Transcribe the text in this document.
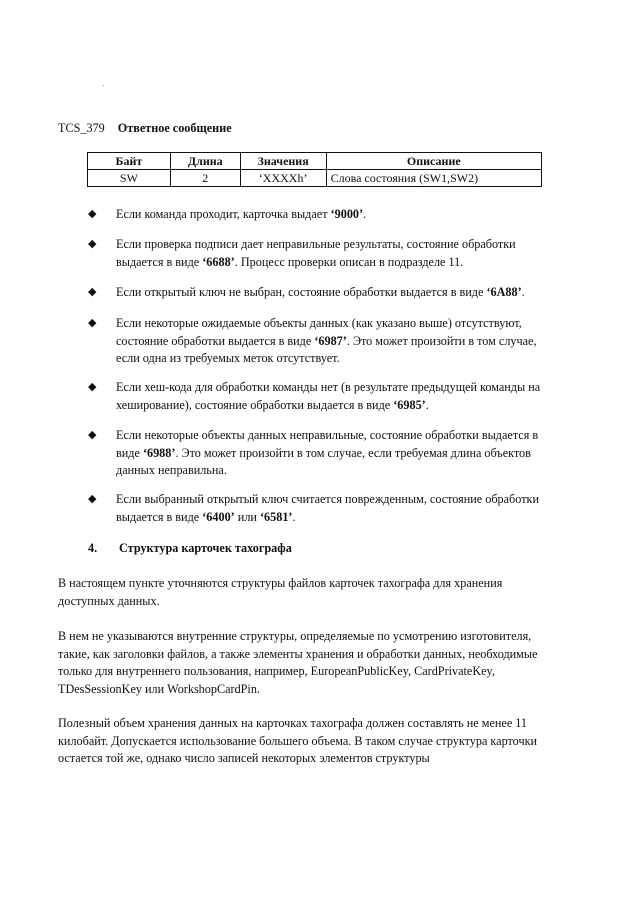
TCS_379 Ответное сообщение
Байт	Длина	Значения	Описание
SW	2	‘XXXXh’	Слова состояния (SW1,SW2)
◆ Если команда проходит, карточка выдает ‘9000’.
◆ Если проверка подписи дает неправильные результаты, состояние обработки выдается в виде ‘6688’. Процесс проверки описан в подразделе 11.
◆ Если открытый ключ не выбран, состояние обработки выдается в виде ‘6A88’.
◆ Если некоторые ожидаемые объекты данных (как указано выше) отсутствуют, состояние обработки выдается в виде ‘6987’. Это может произойти в том случае, если одна из требуемых меток отсутствует.
◆ Если хеш-кода для обработки команды нет (в результате предыдущей команды на хеширование), состояние обработки выдается в виде ‘6985’.
◆ Если некоторые объекты данных неправильные, состояние обработки выдается в виде ‘6988’. Это может произойти в том случае, если требуемая длина объектов данных неправильна.
◆ Если выбранный открытый ключ считается поврежденным, состояние обработки выдается в виде ‘6400’ или ‘6581’.
4. Структура карточек тахографа
В настоящем пункте уточняются структуры файлов карточек тахографа для хранения доступных данных.
В нем не указываются внутренние структуры, определяемые по усмотрению изготовителя, такие, как заголовки файлов, а также элементы хранения и обработки данных, необходимые только для внутреннего пользования, например, EuropeanPublicKey, CardPrivateKey, TDesSessionKey или WorkshopCardPin.
Полезный объем хранения данных на карточках тахографа должен составлять не менее 11 килобайт. Допускается использование большего объема. В таком случае структура карточки остается той же, однако число записей некоторых элементов структуры
